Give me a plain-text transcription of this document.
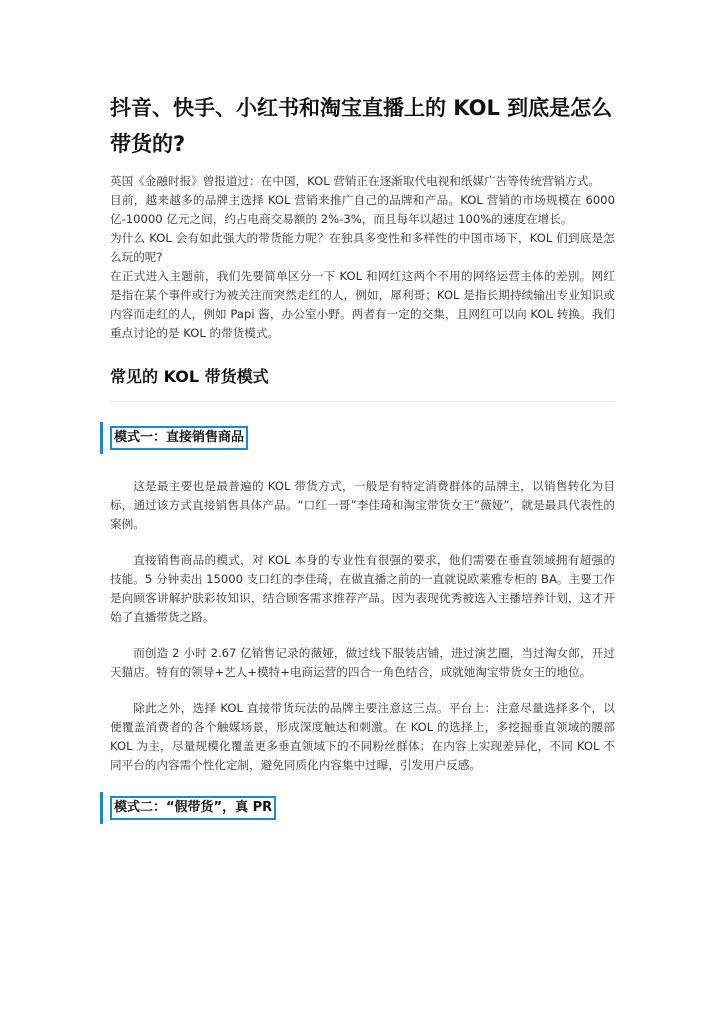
抖音、快手、小红书和淘宝直播上的 KOL 到底是怎么带货的?

英国《金融时报》曾报道过：在中国，KOL 营销正在逐渐取代电视和纸媒广告等传统营销方式。

目前，越来越多的品牌主选择 KOL 营销来推广自己的品牌和产品。KOL 营销的市场规模在 6000 亿-10000 亿元之间，约占电商交易额的 2%-3%，而且每年以超过 100%的速度在增长。

为什么 KOL 会有如此强大的带货能力呢？在独具多变性和多样性的中国市场下，KOL 们到底是怎么玩的呢?

在正式进入主题前，我们先要简单区分一下 KOL 和网红这两个不用的网络运营主体的差别。网红是指在某个事件或行为被关注而突然走红的人，例如，犀利哥；KOL 是指长期持续输出专业知识或内容而走红的人，例如 Papi 酱，办公室小野。两者有一定的交集，且网红可以向 KOL 转换。我们重点讨论的是 KOL 的带货模式。

常见的 KOL 带货模式
模式一：直接销售商品

这是最主要也是最普遍的 KOL 带货方式，一般是有特定消费群体的品牌主，以销售转化为目标，通过该方式直接销售具体产品。“口红一哥”李佳琦和淘宝带货女王”薇娅”，就是最具代表性的案例。

直接销售商品的模式，对 KOL 本身的专业性有很强的要求，他们需要在垂直领域拥有超强的技能。5 分钟卖出 15000 支口红的李佳琦，在做直播之前的一直就说欧莱雅专柜的 BA。主要工作是向顾客讲解护肤彩妆知识，结合顾客需求推荐产品。因为表现优秀被选入主播培养计划，这才开始了直播带货之路。

而创造 2 小时 2.67 亿销售记录的薇娅，做过线下服装店铺，进过演艺圈，当过淘女郎，开过天猫店。特有的领导+艺人+模特+电商运营的四合一角色结合，成就她淘宝带货女王的地位。

除此之外，选择 KOL 直接带货玩法的品牌主要注意这三点。平台上：注意尽量选择多个，以便覆盖消费者的各个触媒场景，形成深度触达和刺激。在 KOL 的选择上，多挖掘垂直领域的腰部 KOL 为主，尽量规模化覆盖更多垂直领域下的不同粉丝群体；在内容上实现差异化，不同 KOL 不同平台的内容需个性化定制，避免同质化内容集中过曝，引发用户反感。

模式二：“假带货”，真 PR
